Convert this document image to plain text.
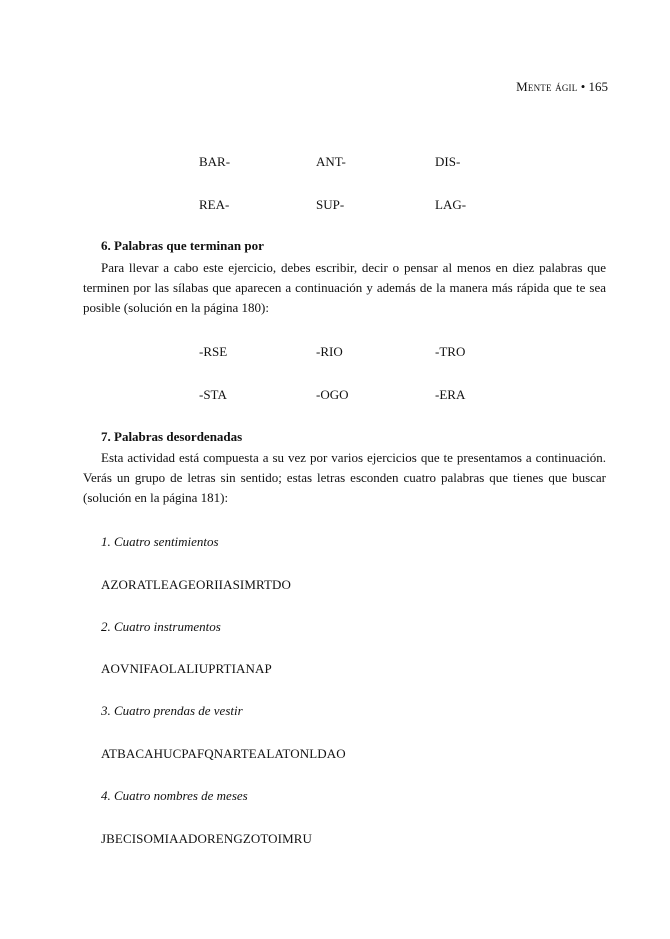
Mente ágil • 165
BAR-	ANT-	DIS-
REA-	SUP-	LAG-
6. Palabras que terminan por

Para llevar a cabo este ejercicio, debes escribir, decir o pensar al menos en diez palabras que terminen por las sílabas que aparecen a continuación y además de la manera más rápida que te sea posible (solución en la página 180):

-RSE	-RIO	-TRO
-STA	-OGO	-ERA
7. Palabras desordenadas

Esta actividad está compuesta a su vez por varios ejercicios que te presentamos a continuación. Verás un grupo de letras sin sentido; estas letras esconden cuatro palabras que tienes que buscar (solución en la página 181):

1. Cuatro sentimientos
AZORATLEAGEORIIASIMRTDO
2. Cuatro instrumentos
AOVNIFAOLALIUPRTIANAP
3. Cuatro prendas de vestir
ATBACAHUCPAFQNARTEALATONLDAO
4. Cuatro nombres de meses
JBECISOMIAADORENGZOTOIMRU
